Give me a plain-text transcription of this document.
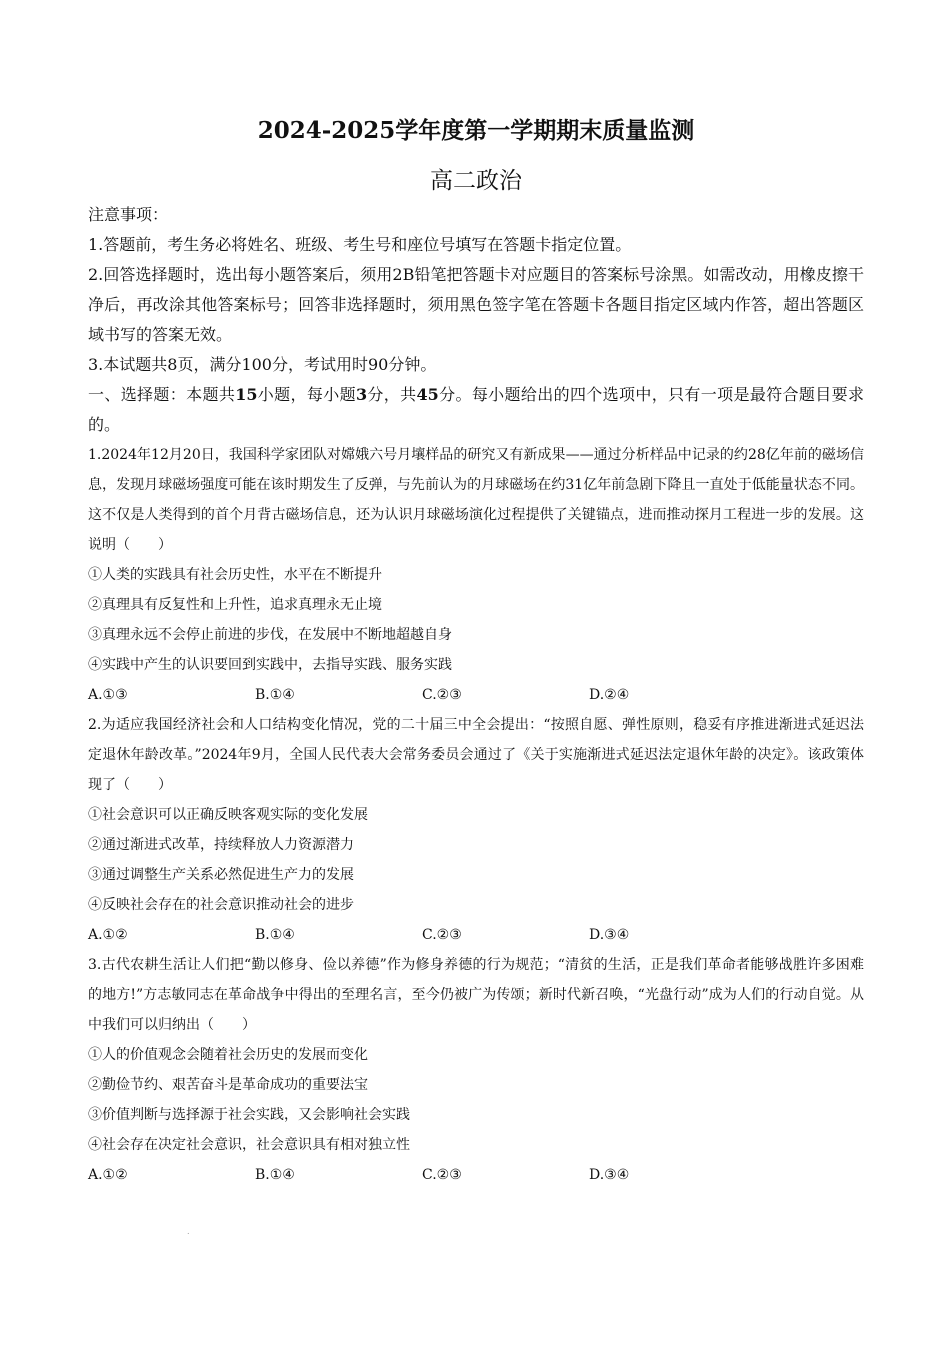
2024-2025学年度第一学期期末质量监测
高二政治
注意事项：
1.答题前，考生务必将姓名、班级、考生号和座位号填写在答题卡指定位置。
2.回答选择题时，选出每小题答案后，须用2B铅笔把答题卡对应题目的答案标号涂黑。如需改动，用橡皮擦干净后，再改涂其他答案标号；回答非选择题时，须用黑色签字笔在答题卡各题目指定区域内作答，超出答题区域书写的答案无效。
3.本试题共8页，满分100分，考试用时90分钟。
一、选择题：本题共15小题，每小题3分，共45分。每小题给出的四个选项中，只有一项是最符合题目要求的。
1.2024年12月20日，我国科学家团队对嫦娥六号月壤样品的研究又有新成果——通过分析样品中记录的约28亿年前的磁场信息，发现月球磁场强度可能在该时期发生了反弹，与先前认为的月球磁场在约31亿年前急剧下降且一直处于低能量状态不同。这不仅是人类得到的首个月背古磁场信息，还为认识月球磁场演化过程提供了关键锚点，进而推动探月工程进一步的发展。这说明（　　）
①人类的实践具有社会历史性，水平在不断提升
②真理具有反复性和上升性，追求真理永无止境
③真理永远不会停止前进的步伐，在发展中不断地超越自身
④实践中产生的认识要回到实践中，去指导实践、服务实践
A.①③	B.①④	C.②③	D.②④
2.为适应我国经济社会和人口结构变化情况，党的二十届三中全会提出：“按照自愿、弹性原则，稳妥有序推进渐进式延迟法定退休年龄改革。”2024年9月，全国人民代表大会常务委员会通过了《关于实施渐进式延迟法定退休年龄的决定》。该政策体现了（　　）
①社会意识可以正确反映客观实际的变化发展
②通过渐进式改革，持续释放人力资源潜力
③通过调整生产关系必然促进生产力的发展
④反映社会存在的社会意识推动社会的进步
A.①②	B.①④	C.②③	D.③④
3.古代农耕生活让人们把“勤以修身、俭以养德”作为修身养德的行为规范；“清贫的生活，正是我们革命者能够战胜许多困难的地方!”方志敏同志在革命战争中得出的至理名言，至今仍被广为传颂；新时代新召唤，“光盘行动”成为人们的行动自觉。从中我们可以归纳出（　　）
①人的价值观念会随着社会历史的发展而变化
②勤俭节约、艰苦奋斗是革命成功的重要法宝
③价值判断与选择源于社会实践，又会影响社会实践
④社会存在决定社会意识，社会意识具有相对独立性
A.①②	B.①④	C.②③	D.③④
.
